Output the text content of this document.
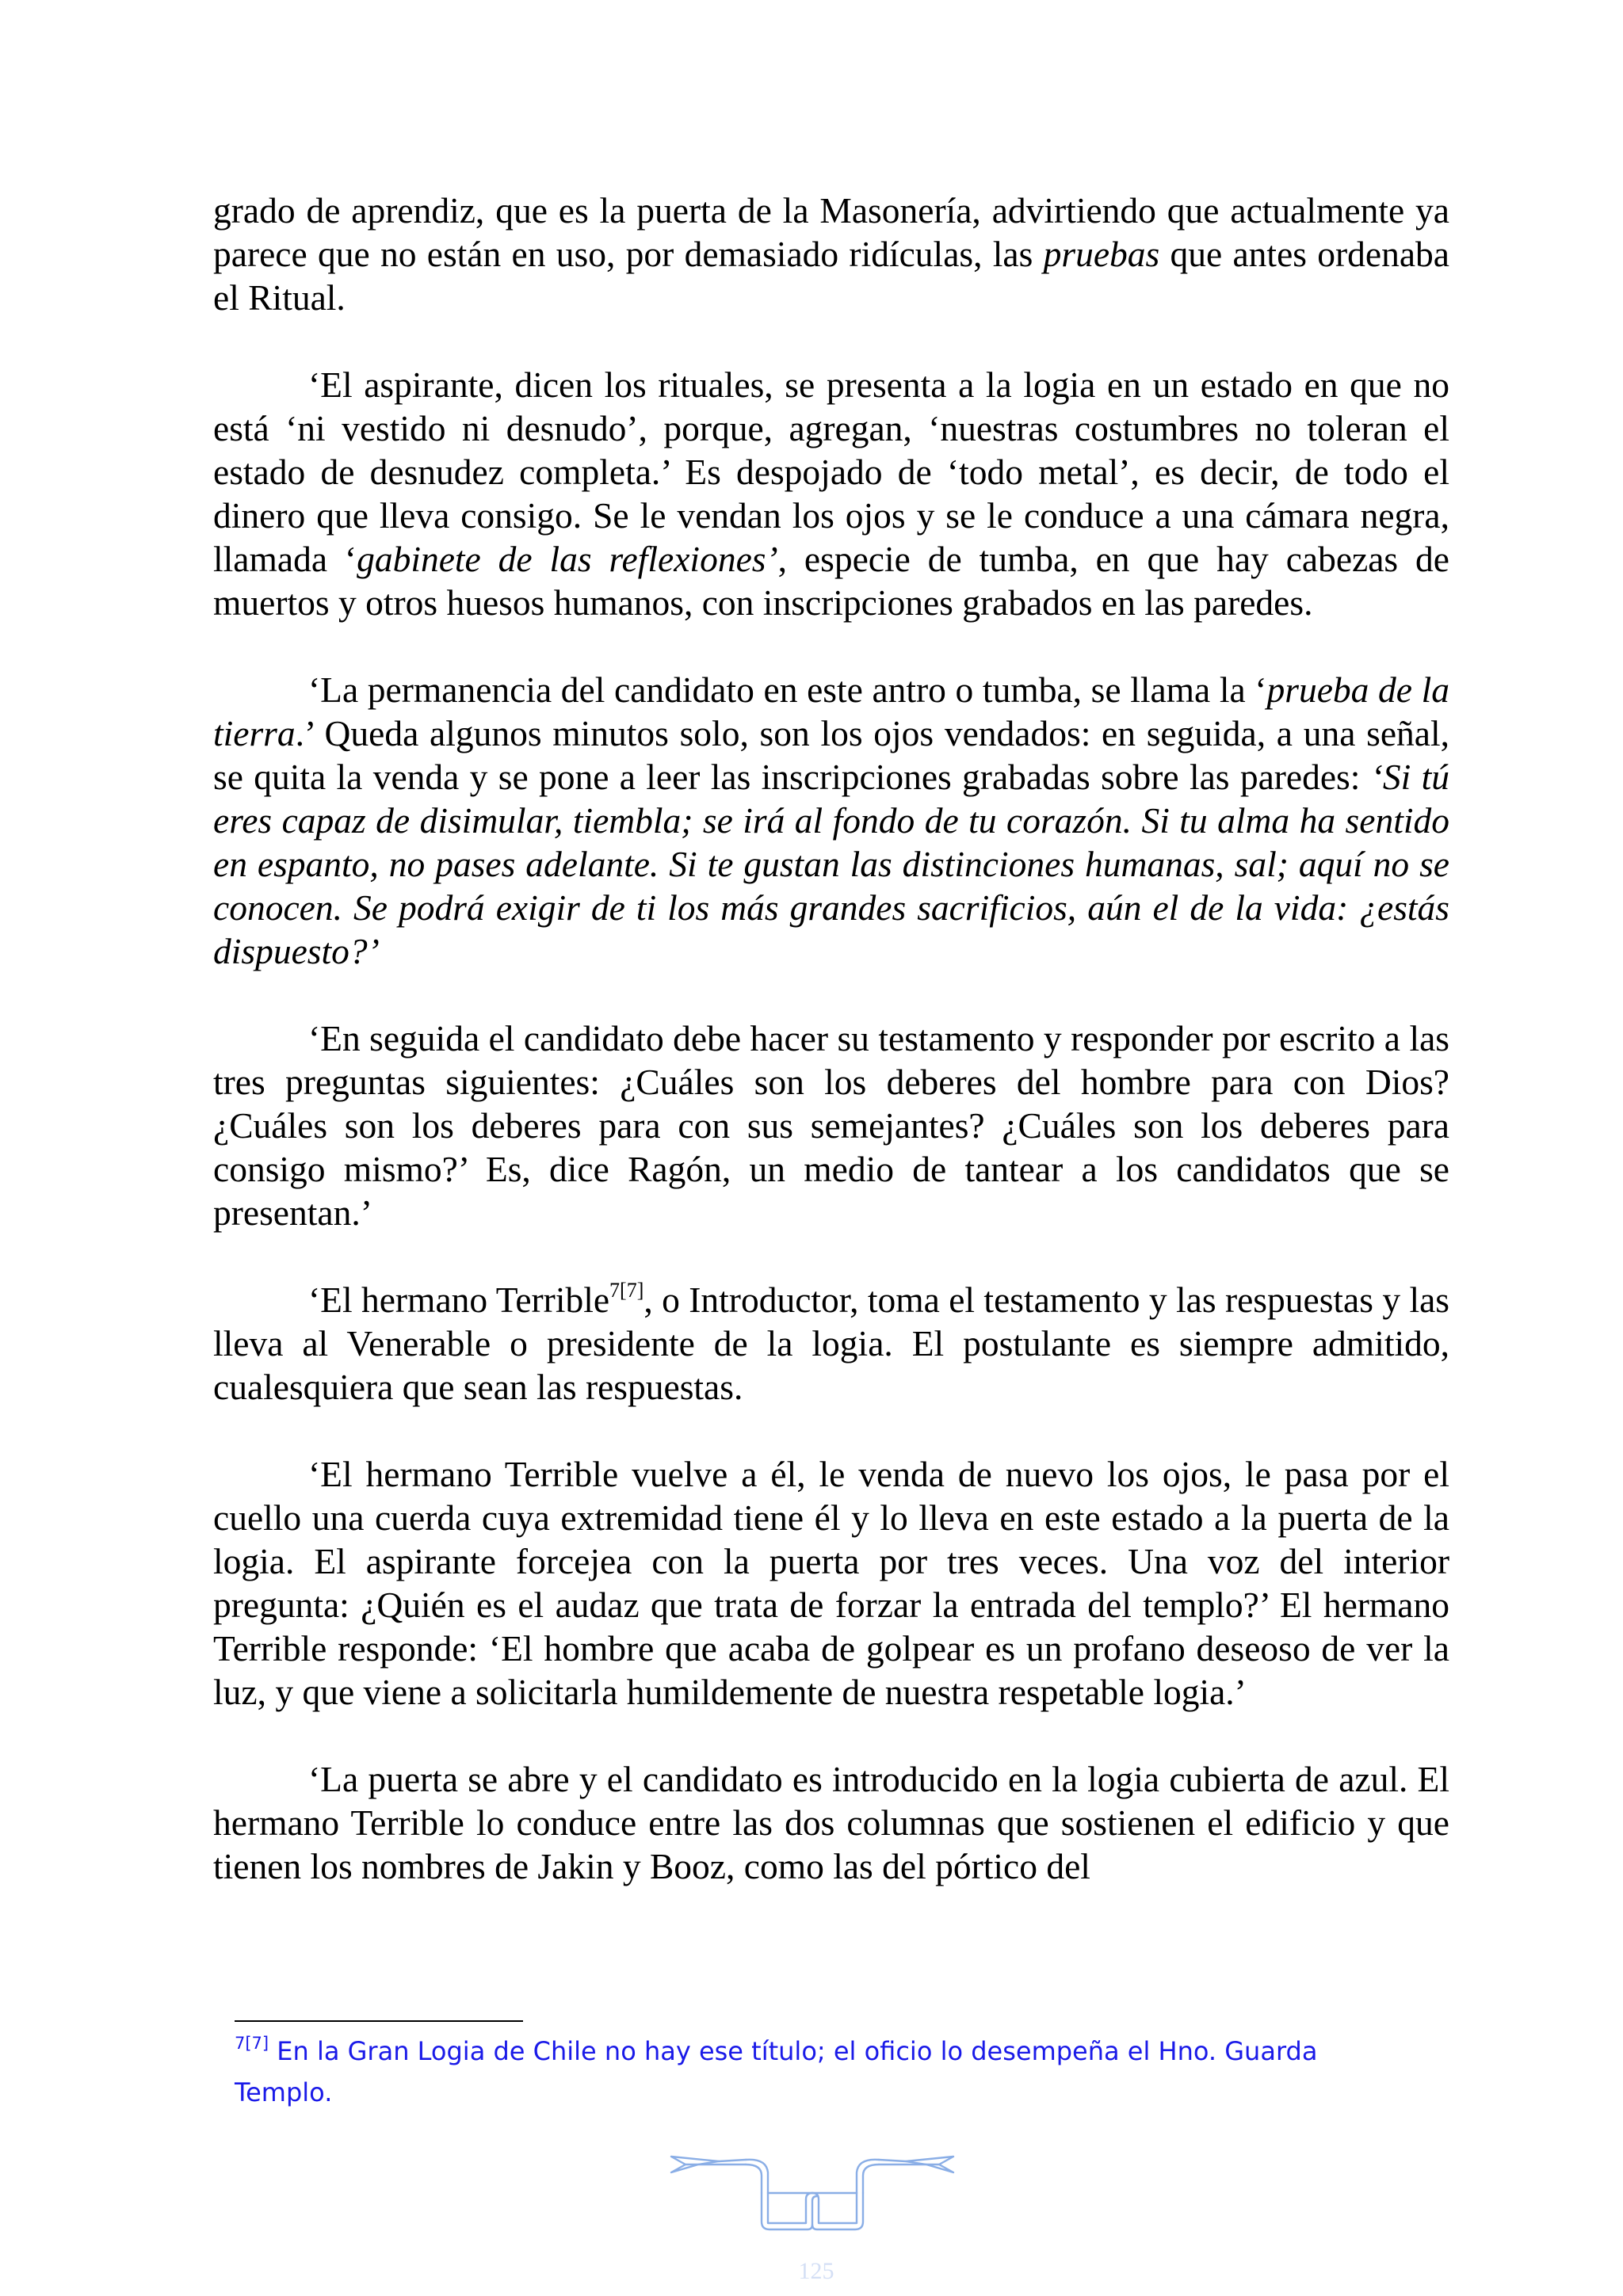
grado de aprendiz, que es la puerta de la Masonería, advirtiendo que actualmente ya parece que no están en uso, por demasiado ridículas, las pruebas que antes ordenaba el Ritual.

‘El aspirante, dicen los rituales, se presenta a la logia en un estado en que no está ‘ni vestido ni desnudo’, porque, agregan, ‘nuestras costumbres no toleran el estado de desnudez completa.’ Es despojado de ‘todo metal’, es decir, de todo el dinero que lleva consigo. Se le vendan los ojos y se le conduce a una cámara negra, llamada ‘gabinete de las reflexiones’, especie de tumba, en que hay cabezas de muertos y otros huesos humanos, con inscripciones grabados en las paredes.

‘La permanencia del candidato en este antro o tumba, se llama la ‘prueba de la tierra.’ Queda algunos minutos solo, son los ojos vendados: en seguida, a una señal, se quita la venda y se pone a leer las inscripciones grabadas sobre las paredes: ‘Si tú eres capaz de disimular, tiembla; se irá al fondo de tu corazón. Si tu alma ha sentido en espanto, no pases adelante. Si te gustan las distinciones humanas, sal; aquí no se conocen. Se podrá exigir de ti los más grandes sacrificios, aún el de la vida: ¿estás dispuesto?’

‘En seguida el candidato debe hacer su testamento y responder por escrito a las tres preguntas siguientes: ¿Cuáles son los deberes del hombre para con Dios? ¿Cuáles son los deberes para con sus semejantes? ¿Cuáles son los deberes para consigo mismo?’ Es, dice Ragón, un medio de tantear a los candidatos que se presentan.’

‘El hermano Terrible$^{7[7]}$, o Introductor, toma el testamento y las respuestas y las lleva al Venerable o presidente de la logia. El postulante es siempre admitido, cualesquiera que sean las respuestas.

‘El hermano Terrible vuelve a él, le venda de nuevo los ojos, le pasa por el cuello una cuerda cuya extremidad tiene él y lo lleva en este estado a la puerta de la logia. El aspirante forcejea con la puerta por tres veces. Una voz del interior pregunta: ¿Quién es el audaz que trata de forzar la entrada del templo?’ El hermano Terrible responde: ‘El hombre que acaba de golpear es un profano deseoso de ver la luz, y que viene a solicitarla humildemente de nuestra respetable logia.’

‘La puerta se abre y el candidato es introducido en la logia cubierta de azul. El hermano Terrible lo conduce entre las dos columnas que sostienen el edificio y que tienen los nombres de Jakin y Booz, como las del pórtico del

$^{7[7]}$ En la Gran Logia de Chile no hay ese título; el oficio lo desempeña el Hno. Guarda Templo.
125
